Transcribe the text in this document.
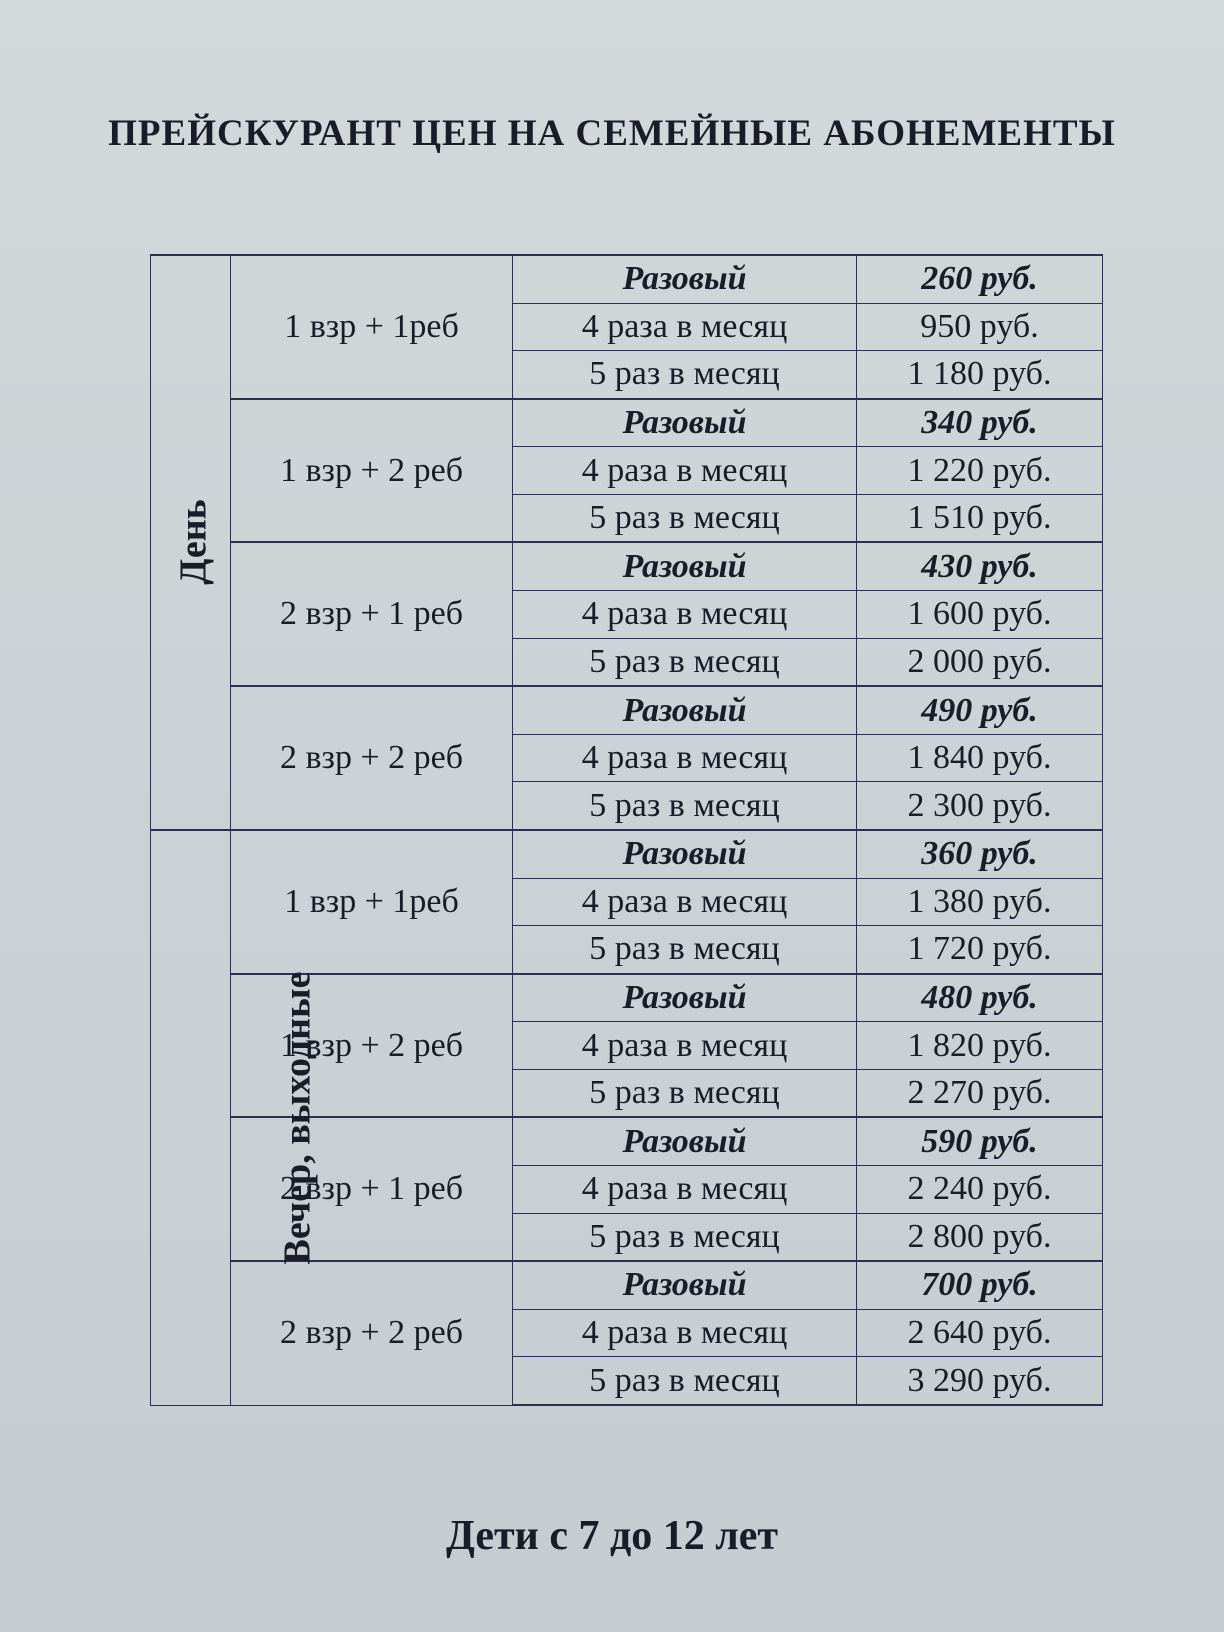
ПРЕЙСКУРАНТ ЦЕН НА СЕМЕЙНЫЕ АБОНЕМЕНТЫ
День	1 взр + 1реб	Разовый	260 руб.
		4 раза в месяц	950 руб.
		5 раз в месяц	1 180 руб.
	1 взр + 2 реб	Разовый	340 руб.
		4 раза в месяц	1 220 руб.
		5 раз в месяц	1 510 руб.
	2 взр + 1 реб	Разовый	430 руб.
		4 раза в месяц	1 600 руб.
		5 раз в месяц	2 000 руб.
	2 взр + 2 реб	Разовый	490 руб.
		4 раза в месяц	1 840 руб.
		5 раз в месяц	2 300 руб.
Вечер, выходные	1 взр + 1реб	Разовый	360 руб.
		4 раза в месяц	1 380 руб.
		5 раз в месяц	1 720 руб.
	1 взр + 2 реб	Разовый	480 руб.
		4 раза в месяц	1 820 руб.
		5 раз в месяц	2 270 руб.
	2 взр + 1 реб	Разовый	590 руб.
		4 раза в месяц	2 240 руб.
		5 раз в месяц	2 800 руб.
	2 взр + 2 реб	Разовый	700 руб.
		4 раза в месяц	2 640 руб.
		5 раз в месяц	3 290 руб.
Дети с 7 до 12 лет
